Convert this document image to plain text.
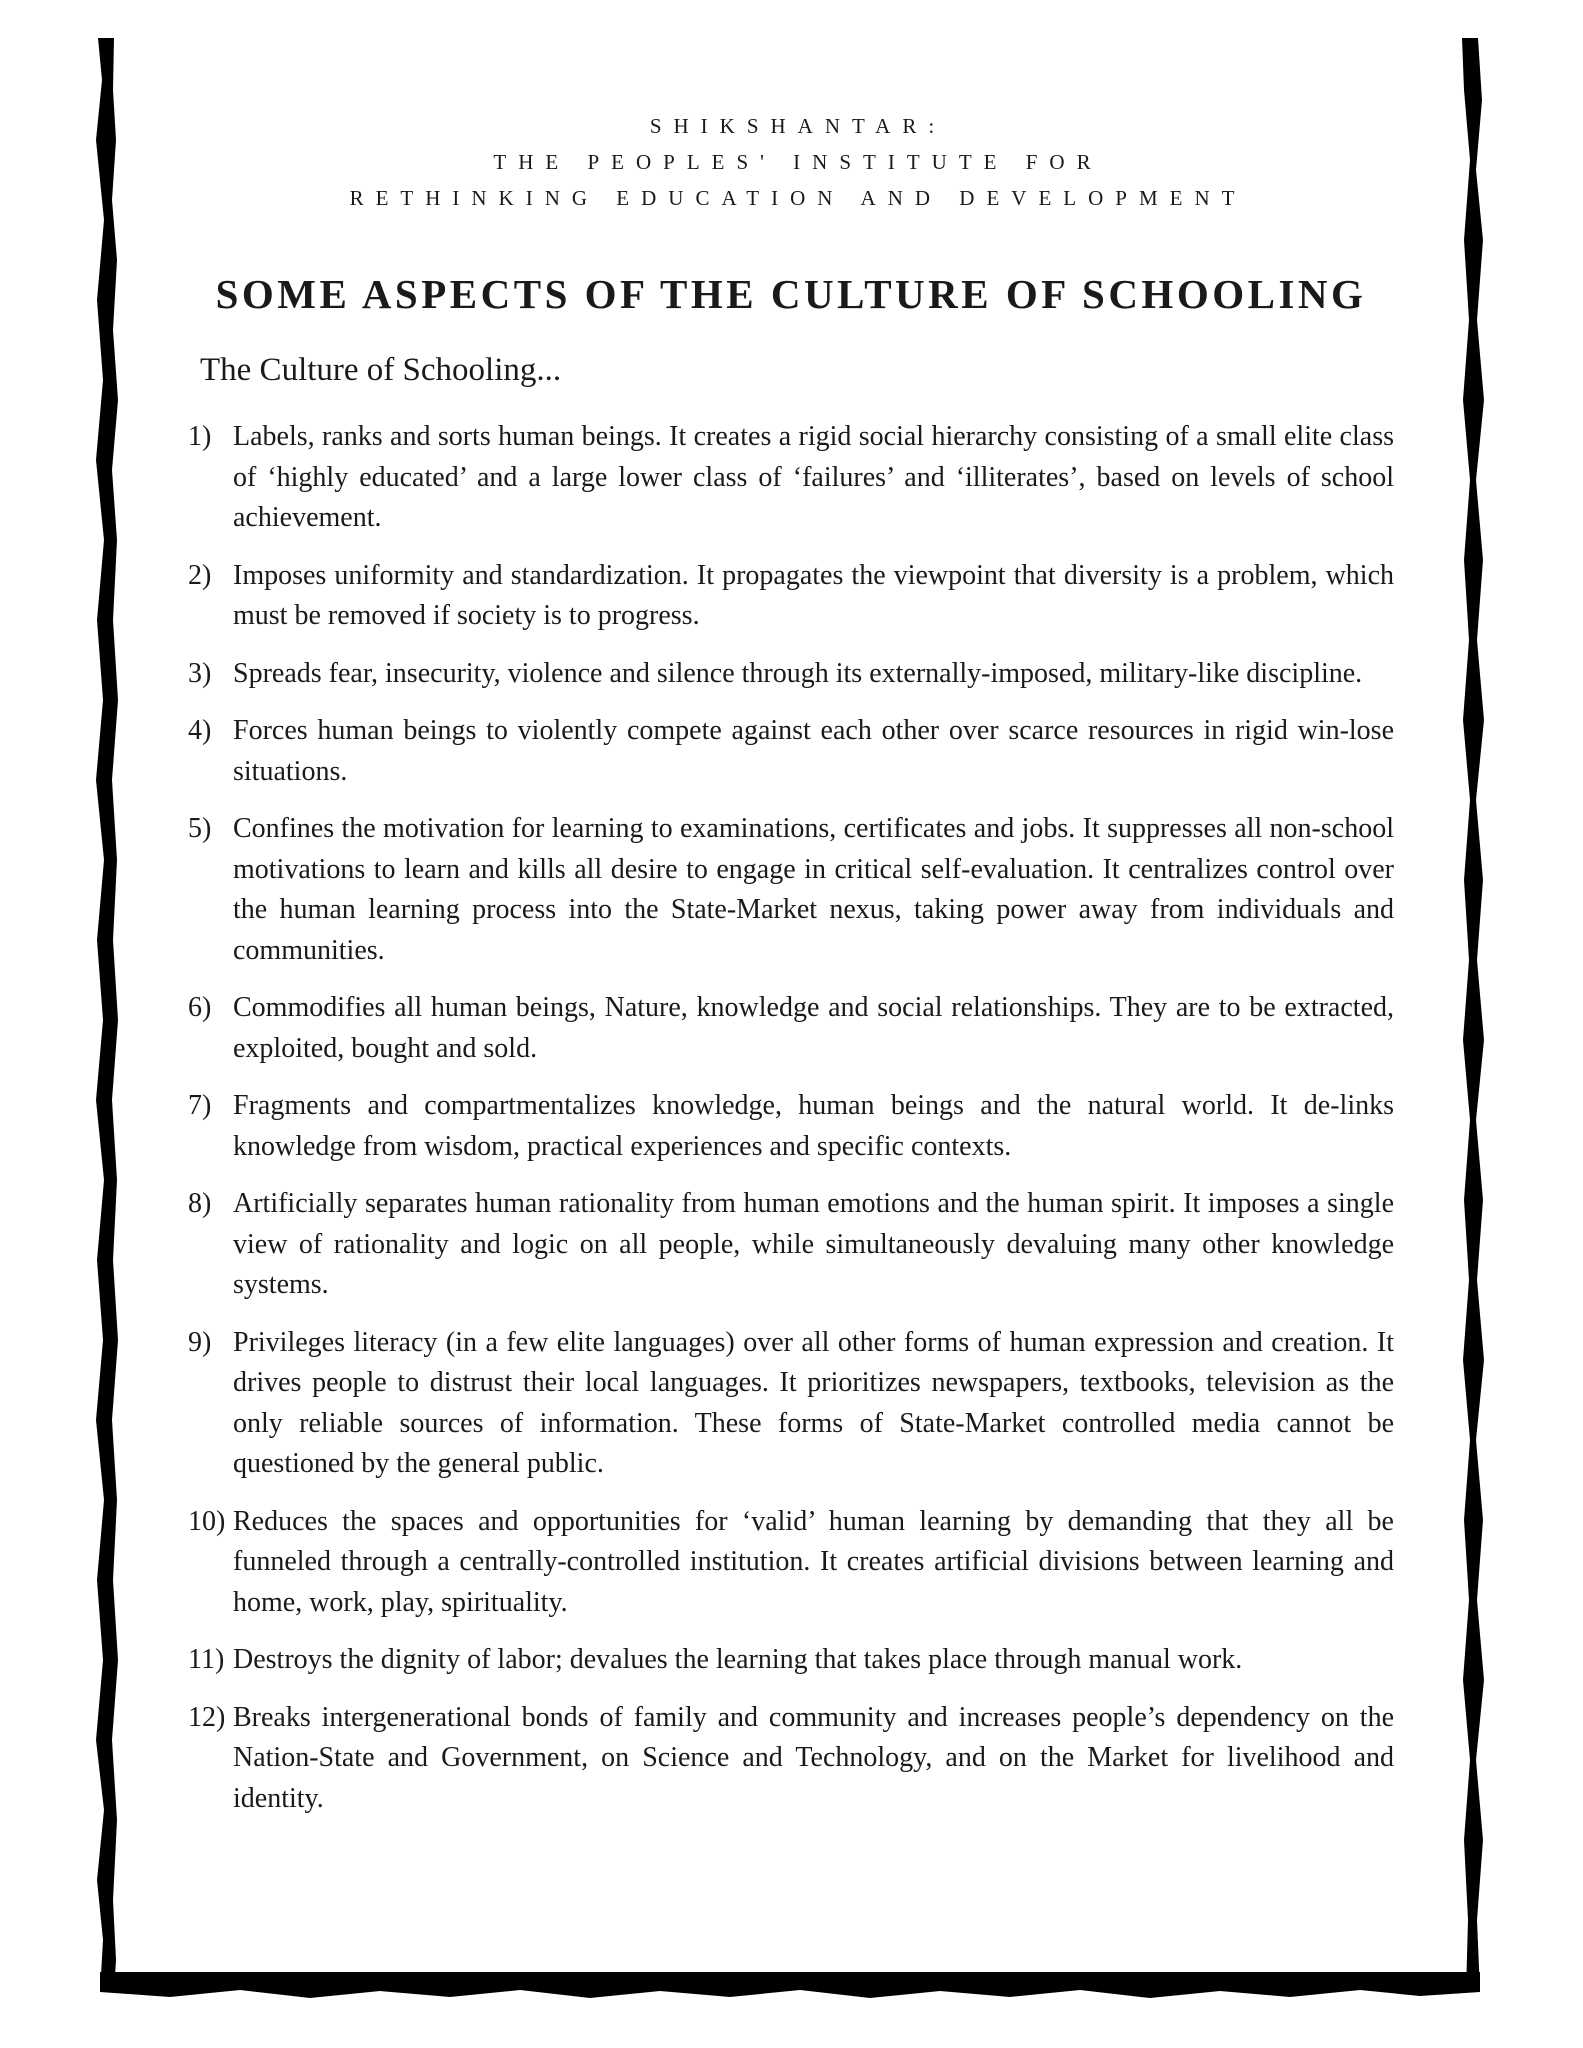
SHIKSHANTAR:
THE PEOPLES' INSTITUTE FOR
RETHINKING EDUCATION AND DEVELOPMENT
SOME ASPECTS OF THE CULTURE OF SCHOOLING
The Culture of Schooling...
1) Labels, ranks and sorts human beings. It creates a rigid social hierarchy consisting of a small elite class of ‘highly educated’ and a large lower class of ‘failures’ and ‘illiterates’, based on levels of school achievement.
2) Imposes uniformity and standardization. It propagates the viewpoint that diversity is a problem, which must be removed if society is to progress.
3) Spreads fear, insecurity, violence and silence through its externally-imposed, military-like discipline.
4) Forces human beings to violently compete against each other over scarce resources in rigid win-lose situations.
5) Confines the motivation for learning to examinations, certificates and jobs. It suppresses all non-school motivations to learn and kills all desire to engage in critical self-evaluation. It centralizes control over the human learning process into the State-Market nexus, taking power away from individuals and communities.
6) Commodifies all human beings, Nature, knowledge and social relationships. They are to be extracted, exploited, bought and sold.
7) Fragments and compartmentalizes knowledge, human beings and the natural world. It de-links knowledge from wisdom, practical experiences and specific contexts.
8) Artificially separates human rationality from human emotions and the human spirit. It imposes a single view of rationality and logic on all people, while simultaneously devaluing many other knowledge systems.
9) Privileges literacy (in a few elite languages) over all other forms of human expression and creation. It drives people to distrust their local languages. It prioritizes newspapers, textbooks, television as the only reliable sources of information. These forms of State-Market controlled media cannot be questioned by the general public.
10) Reduces the spaces and opportunities for ‘valid’ human learning by demanding that they all be funneled through a centrally-controlled institution. It creates artificial divisions between learning and home, work, play, spirituality.
11) Destroys the dignity of labor; devalues the learning that takes place through manual work.
12) Breaks intergenerational bonds of family and community and increases people’s dependency on the Nation-State and Government, on Science and Technology, and on the Market for livelihood and identity.
